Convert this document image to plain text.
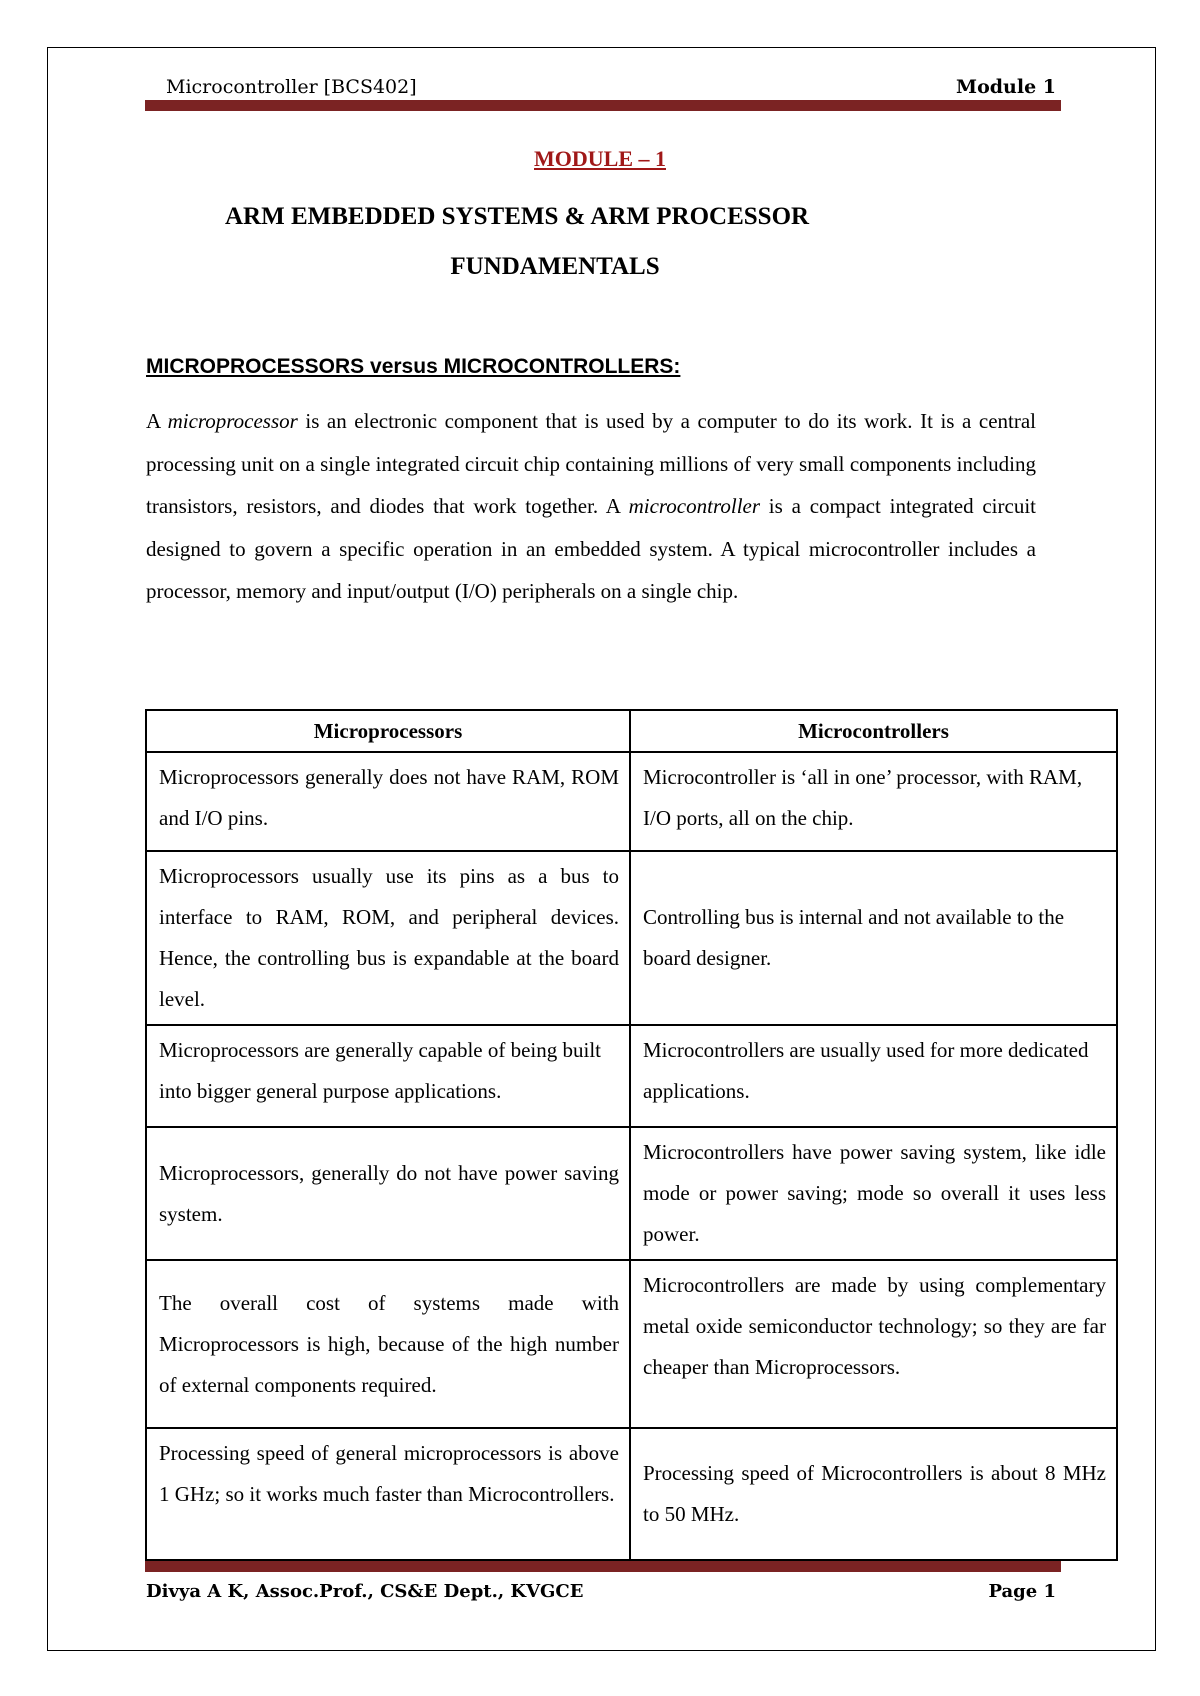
Microcontroller [BCS402]	Module 1
MODULE – 1
ARM EMBEDDED SYSTEMS & ARM PROCESSOR
FUNDAMENTALS
MICROPROCESSORS versus MICROCONTROLLERS:
A microprocessor is an electronic component that is used by a computer to do its work. It is a central processing unit on a single integrated circuit chip containing millions of very small components including transistors, resistors, and diodes that work together. A microcontroller is a compact integrated circuit designed to govern a specific operation in an embedded system. A typical microcontroller includes a processor, memory and input/output (I/O) peripherals on a single chip.
Microprocessors	Microcontrollers
Microprocessors generally does not have RAM, ROM and I/O pins.	Microcontroller is ‘all in one’ processor, with RAM, I/O ports, all on the chip.
Microprocessors usually use its pins as a bus to interface to RAM, ROM, and peripheral devices. Hence, the controlling bus is expandable at the board level.	Controlling bus is internal and not available to the board designer.
Microprocessors are generally capable of being built into bigger general purpose applications.	Microcontrollers are usually used for more dedicated applications.
Microprocessors, generally do not have power saving system.	Microcontrollers have power saving system, like idle mode or power saving; mode so overall it uses less power.
The overall cost of systems made with Microprocessors is high, because of the high number of external components required.	Microcontrollers are made by using complementary metal oxide semiconductor technology; so they are far cheaper than Microprocessors.
Processing speed of general microprocessors is above 1 GHz; so it works much faster than Microcontrollers.	Processing speed of Microcontrollers is about 8 MHz to 50 MHz.
Divya A K, Assoc.Prof., CS&E Dept., KVGCE	Page 1
